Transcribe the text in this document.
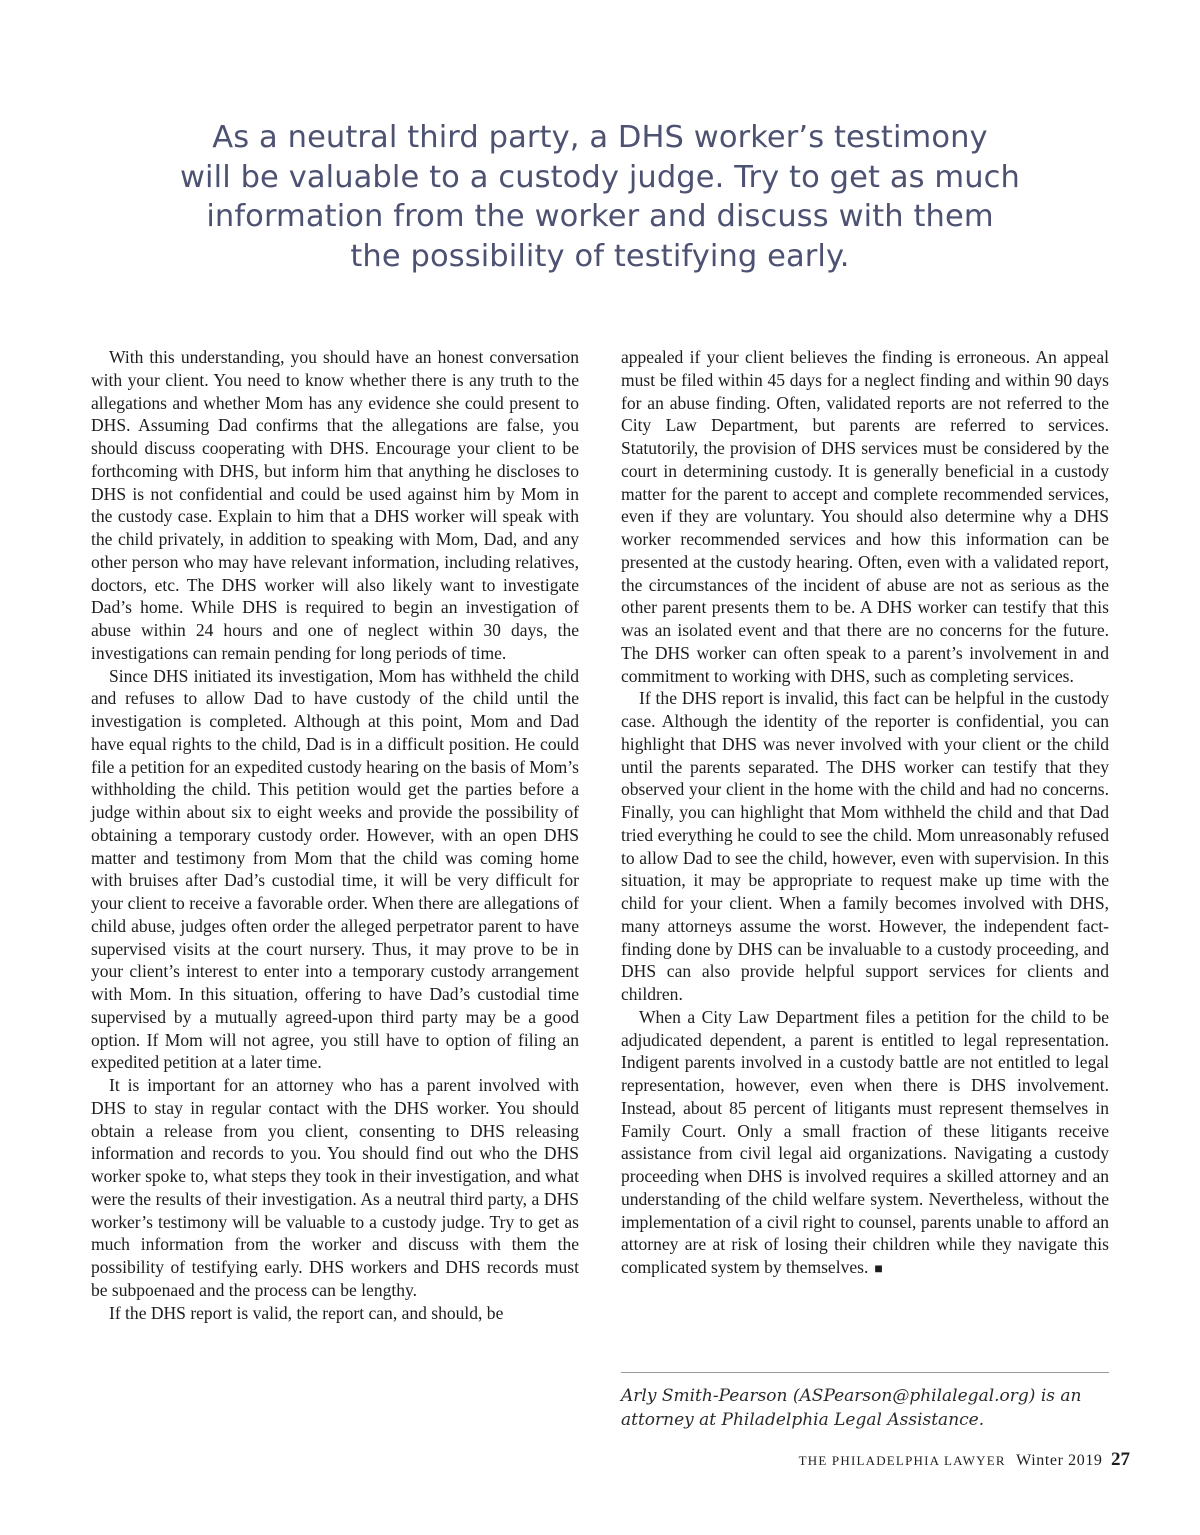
As a neutral third party, a DHS worker’s testimony
will be valuable to a custody judge. Try to get as much
information from the worker and discuss with them
the possibility of testifying early.

With this understanding, you should have an honest conversation with your client. You need to know whether there is any truth to the allegations and whether Mom has any evidence she could present to DHS. Assuming Dad confirms that the allegations are false, you should discuss cooperating with DHS. Encourage your client to be forthcoming with DHS, but inform him that anything he discloses to DHS is not confidential and could be used against him by Mom in the custody case. Explain to him that a DHS worker will speak with the child privately, in addition to speaking with Mom, Dad, and any other person who may have relevant information, including relatives, doctors, etc. The DHS worker will also likely want to investigate Dad’s home. While DHS is required to begin an investigation of abuse within 24 hours and one of neglect within 30 days, the investigations can remain pending for long periods of time.

Since DHS initiated its investigation, Mom has withheld the child and refuses to allow Dad to have custody of the child until the investigation is completed. Although at this point, Mom and Dad have equal rights to the child, Dad is in a difficult position. He could file a petition for an expedited custody hearing on the basis of Mom’s withholding the child. This petition would get the parties before a judge within about six to eight weeks and provide the possibility of obtaining a temporary custody order. However, with an open DHS matter and testimony from Mom that the child was coming home with bruises after Dad’s custodial time, it will be very difficult for your client to receive a favorable order. When there are allegations of child abuse, judges often order the alleged perpetrator parent to have supervised visits at the court nursery. Thus, it may prove to be in your client’s interest to enter into a temporary custody arrangement with Mom. In this situation, offering to have Dad’s custodial time supervised by a mutually agreed-upon third party may be a good option. If Mom will not agree, you still have to option of filing an expedited petition at a later time.

It is important for an attorney who has a parent involved with DHS to stay in regular contact with the DHS worker. You should obtain a release from you client, consenting to DHS releasing information and records to you. You should find out who the DHS worker spoke to, what steps they took in their investigation, and what were the results of their investigation. As a neutral third party, a DHS worker’s testimony will be valuable to a custody judge. Try to get as much information from the worker and discuss with them the possibility of testifying early. DHS workers and DHS records must be subpoenaed and the process can be lengthy.

If the DHS report is valid, the report can, and should, be

appealed if your client believes the finding is erroneous. An appeal must be filed within 45 days for a neglect finding and within 90 days for an abuse finding. Often, validated reports are not referred to the City Law Department, but parents are referred to services. Statutorily, the provision of DHS services must be considered by the court in determining custody. It is generally beneficial in a custody matter for the parent to accept and complete recommended services, even if they are voluntary. You should also determine why a DHS worker recommended services and how this information can be presented at the custody hearing. Often, even with a validated report, the circumstances of the incident of abuse are not as serious as the other parent presents them to be. A DHS worker can testify that this was an isolated event and that there are no concerns for the future. The DHS worker can often speak to a parent’s involvement in and commitment to working with DHS, such as completing services.

If the DHS report is invalid, this fact can be helpful in the custody case. Although the identity of the reporter is confidential, you can highlight that DHS was never involved with your client or the child until the parents separated. The DHS worker can testify that they observed your client in the home with the child and had no concerns. Finally, you can highlight that Mom withheld the child and that Dad tried everything he could to see the child. Mom unreasonably refused to allow Dad to see the child, however, even with supervision. In this situation, it may be appropriate to request make up time with the child for your client. When a family becomes involved with DHS, many attorneys assume the worst. However, the independent fact-finding done by DHS can be invaluable to a custody proceeding, and DHS can also provide helpful support services for clients and children.

When a City Law Department files a petition for the child to be adjudicated dependent, a parent is entitled to legal representation. Indigent parents involved in a custody battle are not entitled to legal representation, however, even when there is DHS involvement. Instead, about 85 percent of litigants must represent themselves in Family Court. Only a small fraction of these litigants receive assistance from civil legal aid organizations. Navigating a custody proceeding when DHS is involved requires a skilled attorney and an understanding of the child welfare system. Nevertheless, without the implementation of a civil right to counsel, parents unable to afford an attorney are at risk of losing their children while they navigate this complicated system by themselves. ■

Arly Smith-Pearson (ASPearson@philalegal.org) is an
attorney at Philadelphia Legal Assistance.
THE PHILADELPHIA LAWYER Winter 2019 27
